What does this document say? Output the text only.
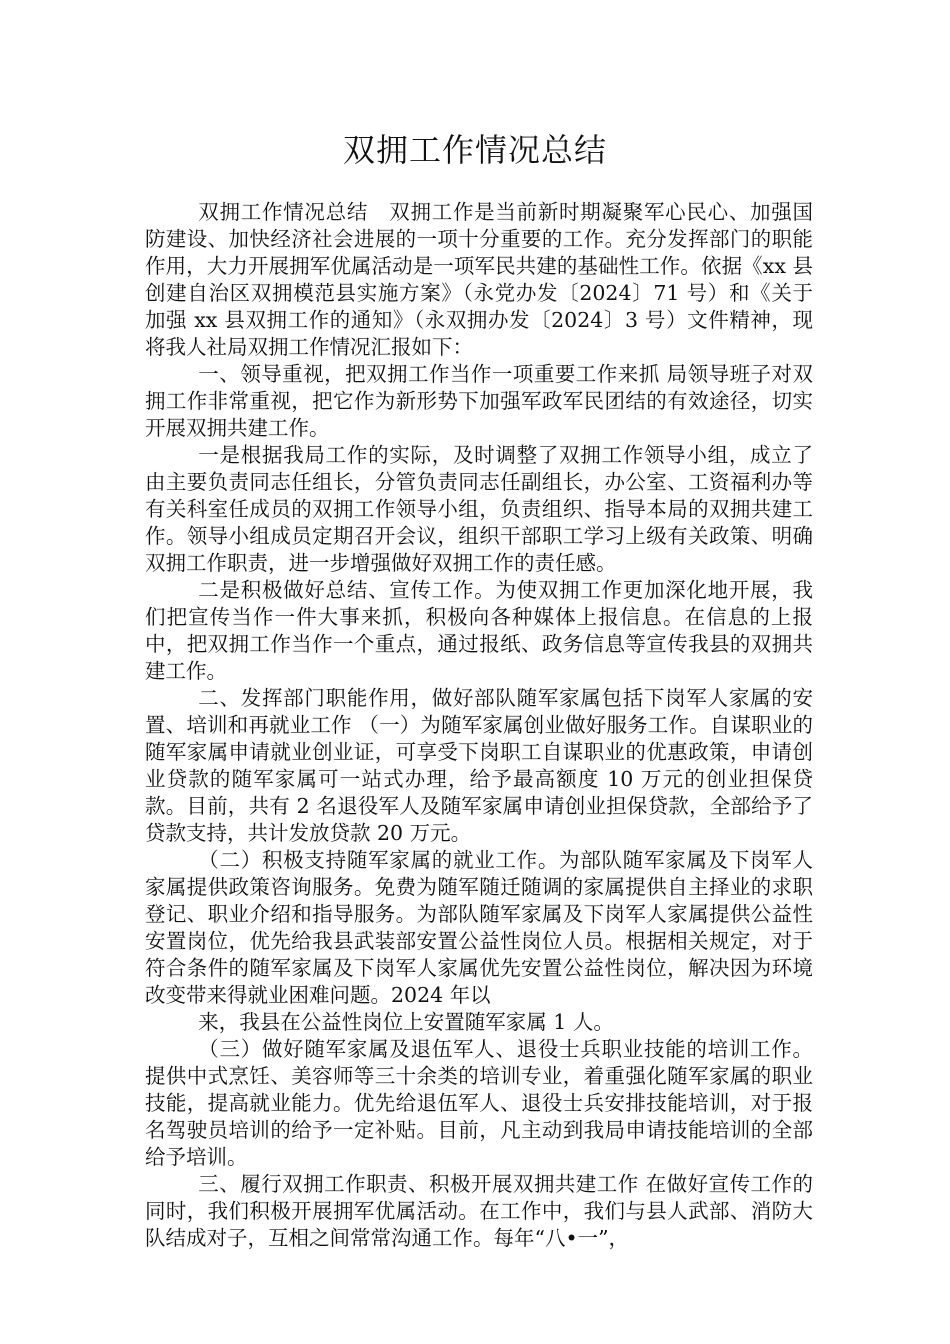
双拥工作情况总结

双拥工作情况总结　双拥工作是当前新时期凝聚军心民心、加强国防建设、加快经济社会进展的一项十分重要的工作。充分发挥部门的职能作用，大力开展拥军优属活动是一项军民共建的基础性工作。依据《xx 县创建自治区双拥模范县实施方案》（永党办发〔2024〕71 号）和《关于加强 xx 县双拥工作的通知》（永双拥办发〔2024〕3 号）文件精神，现将我人社局双拥工作情况汇报如下：

一、领导重视，把双拥工作当作一项重要工作来抓 局领导班子对双拥工作非常重视，把它作为新形势下加强军政军民团结的有效途径，切实开展双拥共建工作。

一是根据我局工作的实际，及时调整了双拥工作领导小组，成立了由主要负责同志任组长，分管负责同志任副组长，办公室、工资福利办等有关科室任成员的双拥工作领导小组，负责组织、指导本局的双拥共建工作。领导小组成员定期召开会议，组织干部职工学习上级有关政策、明确双拥工作职责，进一步增强做好双拥工作的责任感。

二是积极做好总结、宣传工作。为使双拥工作更加深化地开展，我们把宣传当作一件大事来抓，积极向各种媒体上报信息。在信息的上报中，把双拥工作当作一个重点，通过报纸、政务信息等宣传我县的双拥共建工作。

二、发挥部门职能作用，做好部队随军家属包括下岗军人家属的安置、培训和再就业工作 （一）为随军家属创业做好服务工作。自谋职业的随军家属申请就业创业证，可享受下岗职工自谋职业的优惠政策，申请创业贷款的随军家属可一站式办理，给予最高额度 10 万元的创业担保贷款。目前，共有 2 名退役军人及随军家属申请创业担保贷款，全部给予了贷款支持，共计发放贷款 20 万元。

（二）积极支持随军家属的就业工作。为部队随军家属及下岗军人家属提供政策咨询服务。免费为随军随迁随调的家属提供自主择业的求职登记、职业介绍和指导服务。为部队随军家属及下岗军人家属提供公益性安置岗位，优先给我县武装部安置公益性岗位人员。根据相关规定，对于符合条件的随军家属及下岗军人家属优先安置公益性岗位，解决因为环境改变带来得就业困难问题。2024 年以

来，我县在公益性岗位上安置随军家属 1 人。

（三）做好随军家属及退伍军人、退役士兵职业技能的培训工作。提供中式烹饪、美容师等三十余类的培训专业，着重强化随军家属的职业技能，提高就业能力。优先给退伍军人、退役士兵安排技能培训，对于报名驾驶员培训的给予一定补贴。目前，凡主动到我局申请技能培训的全部给予培训。

三、履行双拥工作职责、积极开展双拥共建工作 在做好宣传工作的同时，我们积极开展拥军优属活动。在工作中，我们与县人武部、消防大队结成对子，互相之间常常沟通工作。每年“八•一”，
